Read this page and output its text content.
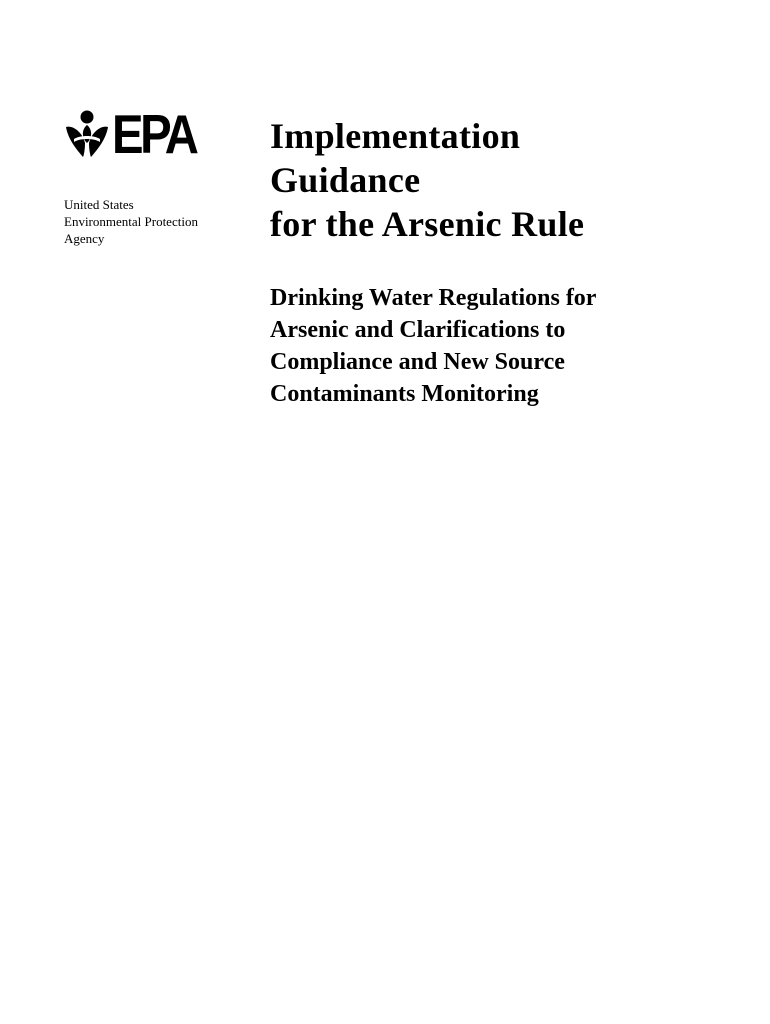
EPA
United States
Environmental Protection
Agency
Implementation
Guidance
for the Arsenic Rule
Drinking Water Regulations for
Arsenic and Clarifications to
Compliance and New Source
Contaminants Monitoring
